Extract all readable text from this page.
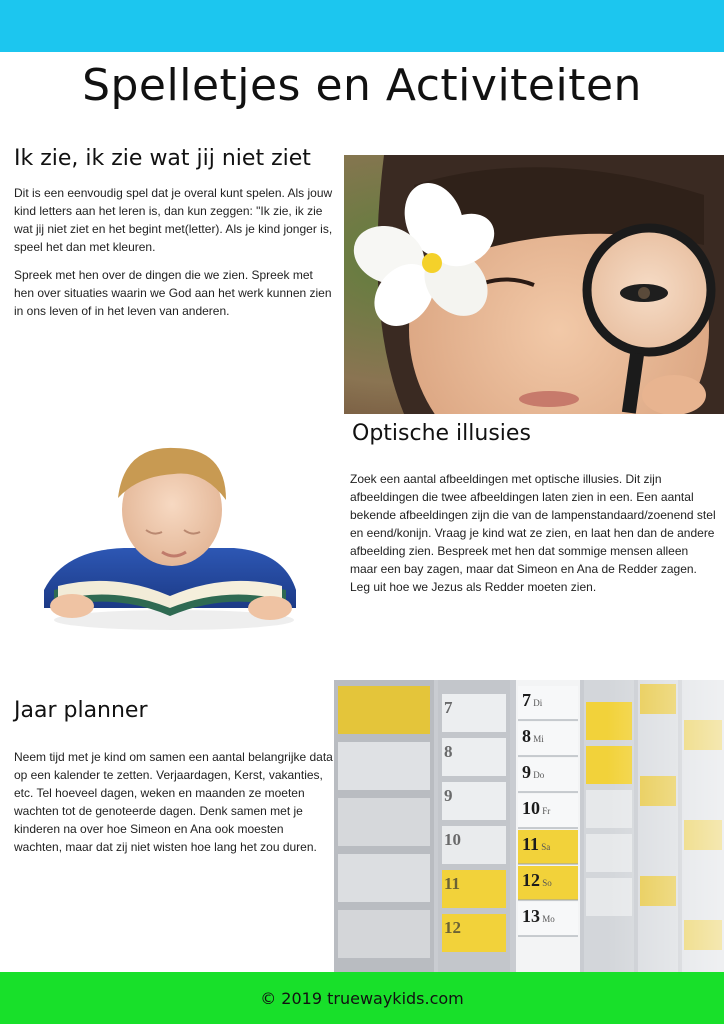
Spelletjes en Activiteiten
Ik zie, ik zie wat jij niet ziet

Dit is een eenvoudig spel dat je overal kunt spelen. Als jouw kind letters aan het leren is, dan kun zeggen: "Ik zie, ik zie wat jij niet ziet en het begint met(letter). Als je kind jonger is, speel het dan met kleuren.

Spreek met hen over de dingen die we zien. Spreek met hen over situaties waarin we God aan het werk kunnen zien in ons leven of in het leven van anderen.

Optische illusies

Zoek een aantal afbeeldingen met optische illusies. Dit zijn afbeeldingen die twee afbeeldingen laten zien in een. Een aantal bekende afbeeldingen zijn die van de lampenstandaard/zoenend stel en eend/konijn. Vraag je kind wat ze zien, en laat hen dan de andere afbeelding zien. Bespreek met hen dat sommige mensen alleen maar een bay zagen, maar dat Simeon en Ana de Redder zagen. Leg uit hoe we Jezus als Redder moeten zien.

Jaar planner

Neem tijd met je kind om samen een aantal belangrijke data op een kalender te zetten. Verjaardagen, Kerst, vakanties, etc. Tel hoeveel dagen, weken en maanden ze moeten wachten tot de genoteerde dagen. Denk samen met je kinderen na over hoe Simeon en Ana ook moesten wachten, maar dat zij niet wisten hoe lang het zou duren.

7 Di
8 Mi
9 Do
10 Fr
11 Sa
12 So
13 Mo
7
8
9
10
11
12
© 2019 truewaykids.com
